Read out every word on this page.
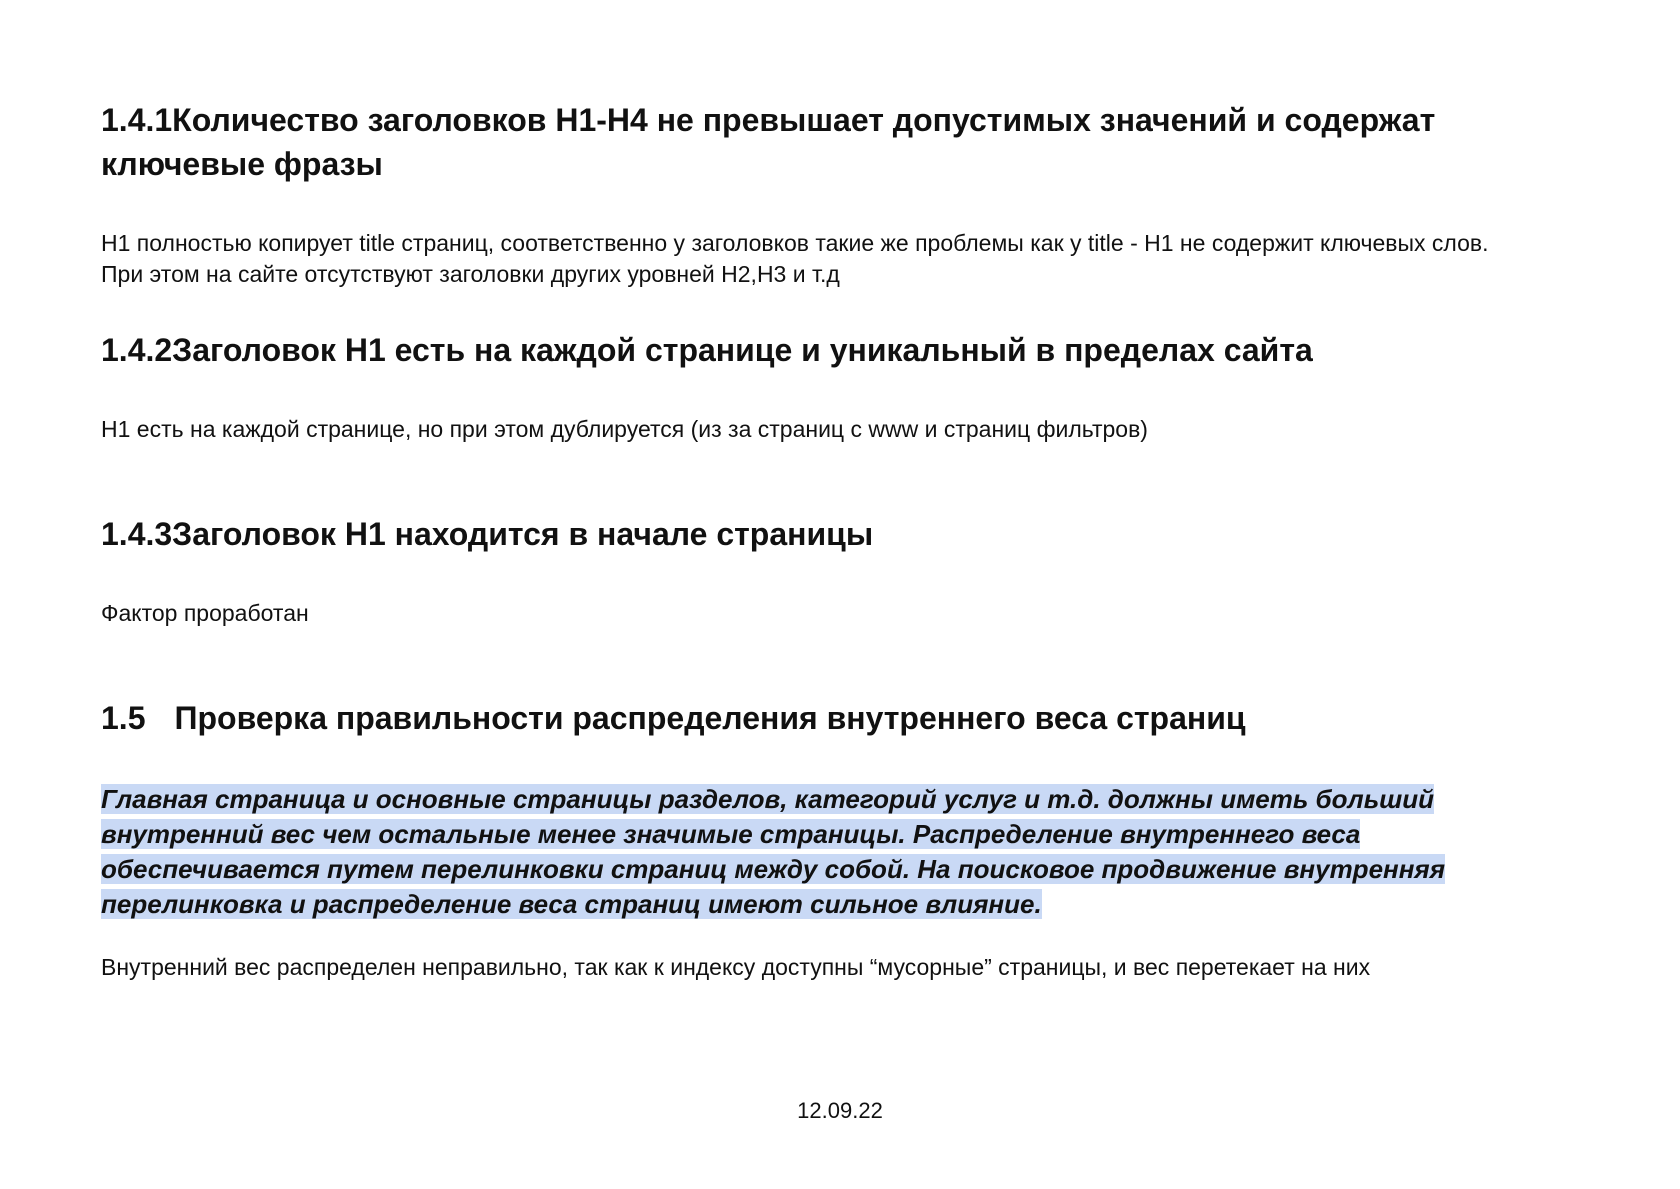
1.4.1Количество заголовков H1-H4 не превышает допустимых значений и содержат ключевые фразы

H1 полностью копирует title страниц, соответственно у заголовков такие же проблемы как у title - H1 не содержит ключевых слов. При этом на сайте отсутствуют заголовки других уровней H2,H3 и т.д

1.4.2Заголовок H1 есть на каждой странице и уникальный в пределах сайта

H1 есть на каждой странице, но при этом дублируется (из за страниц с www и страниц фильтров)

1.4.3Заголовок H1 находится в начале страницы

Фактор проработан

1.5 Проверка правильности распределения внутреннего веса страниц
Главная страница и основные страницы разделов, категорий услуг и т.д. должны иметь больший
внутренний вес чем остальные менее значимые страницы. Распределение внутреннего веса
обеспечивается путем перелинковки страниц между собой. На поисковое продвижение внутренняя
перелинковка и распределение веса страниц имеют сильное влияние.

Внутренний вес распределен неправильно, так как к индексу доступны “мусорные” страницы, и вес перетекает на них

12.09.22
